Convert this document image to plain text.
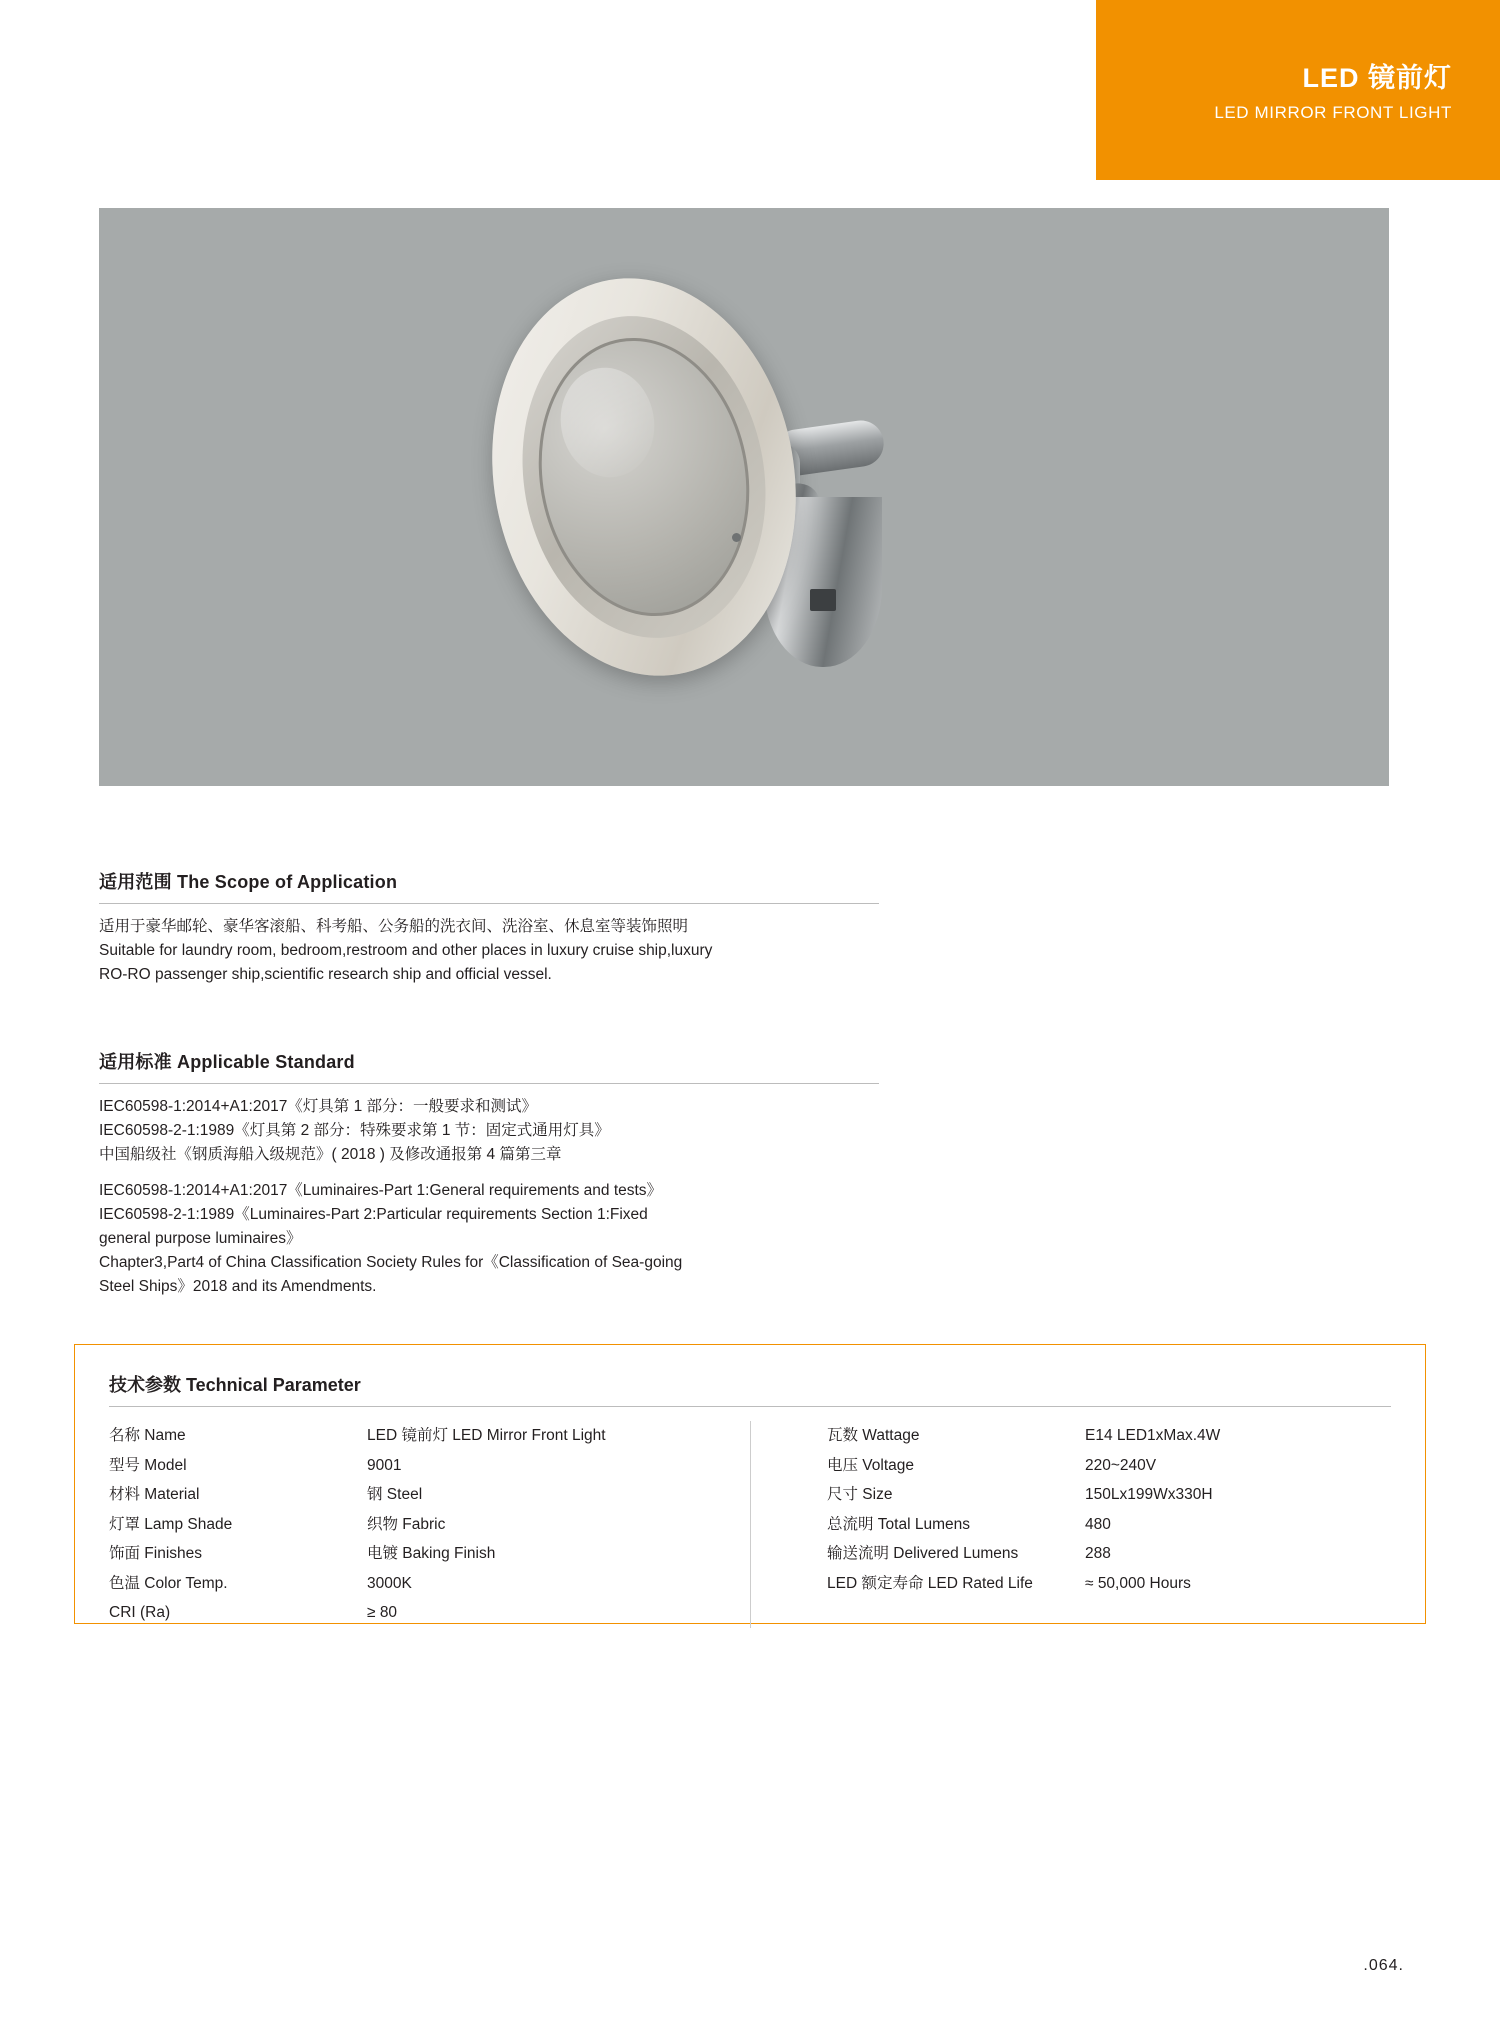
LED 镜前灯
LED MIRROR FRONT LIGHT
适用范围 The Scope of Application

适用于豪华邮轮、豪华客滚船、科考船、公务船的洗衣间、洗浴室、休息室等装饰照明

Suitable for laundry room, bedroom,restroom and other places in luxury cruise ship,luxury

RO-RO passenger ship,scientific research ship and official vessel.

适用标准 Applicable Standard

IEC60598-1:2014+A1:2017《灯具第 1 部分：一般要求和测试》

IEC60598-2-1:1989《灯具第 2 部分：特殊要求第 1 节：固定式通用灯具》

中国船级社《钢质海船入级规范》( 2018 ) 及修改通报第 4 篇第三章

IEC60598-1:2014+A1:2017《Luminaires-Part 1:General requirements and tests》

IEC60598-2-1:1989《Luminaires-Part 2:Particular requirements Section 1:Fixed

general purpose luminaires》

Chapter3,Part4 of China Classification Society Rules for《Classification of Sea-going

Steel Ships》2018 and its Amendments.

技术参数 Technical Parameter
名称 Name	LED 镜前灯 LED Mirror Front Light
型号 Model	9001
材料 Material	钢 Steel
灯罩 Lamp Shade	织物 Fabric
饰面 Finishes	电镀 Baking Finish
色温 Color Temp.	3000K
CRI (Ra)	≥ 80
瓦数 Wattage	E14 LED1xMax.4W
电压 Voltage	220~240V
尺寸 Size	150Lx199Wx330H
总流明 Total Lumens	480
输送流明 Delivered Lumens	288
LED 额定寿命 LED Rated Life	≈ 50,000 Hours
.064.
